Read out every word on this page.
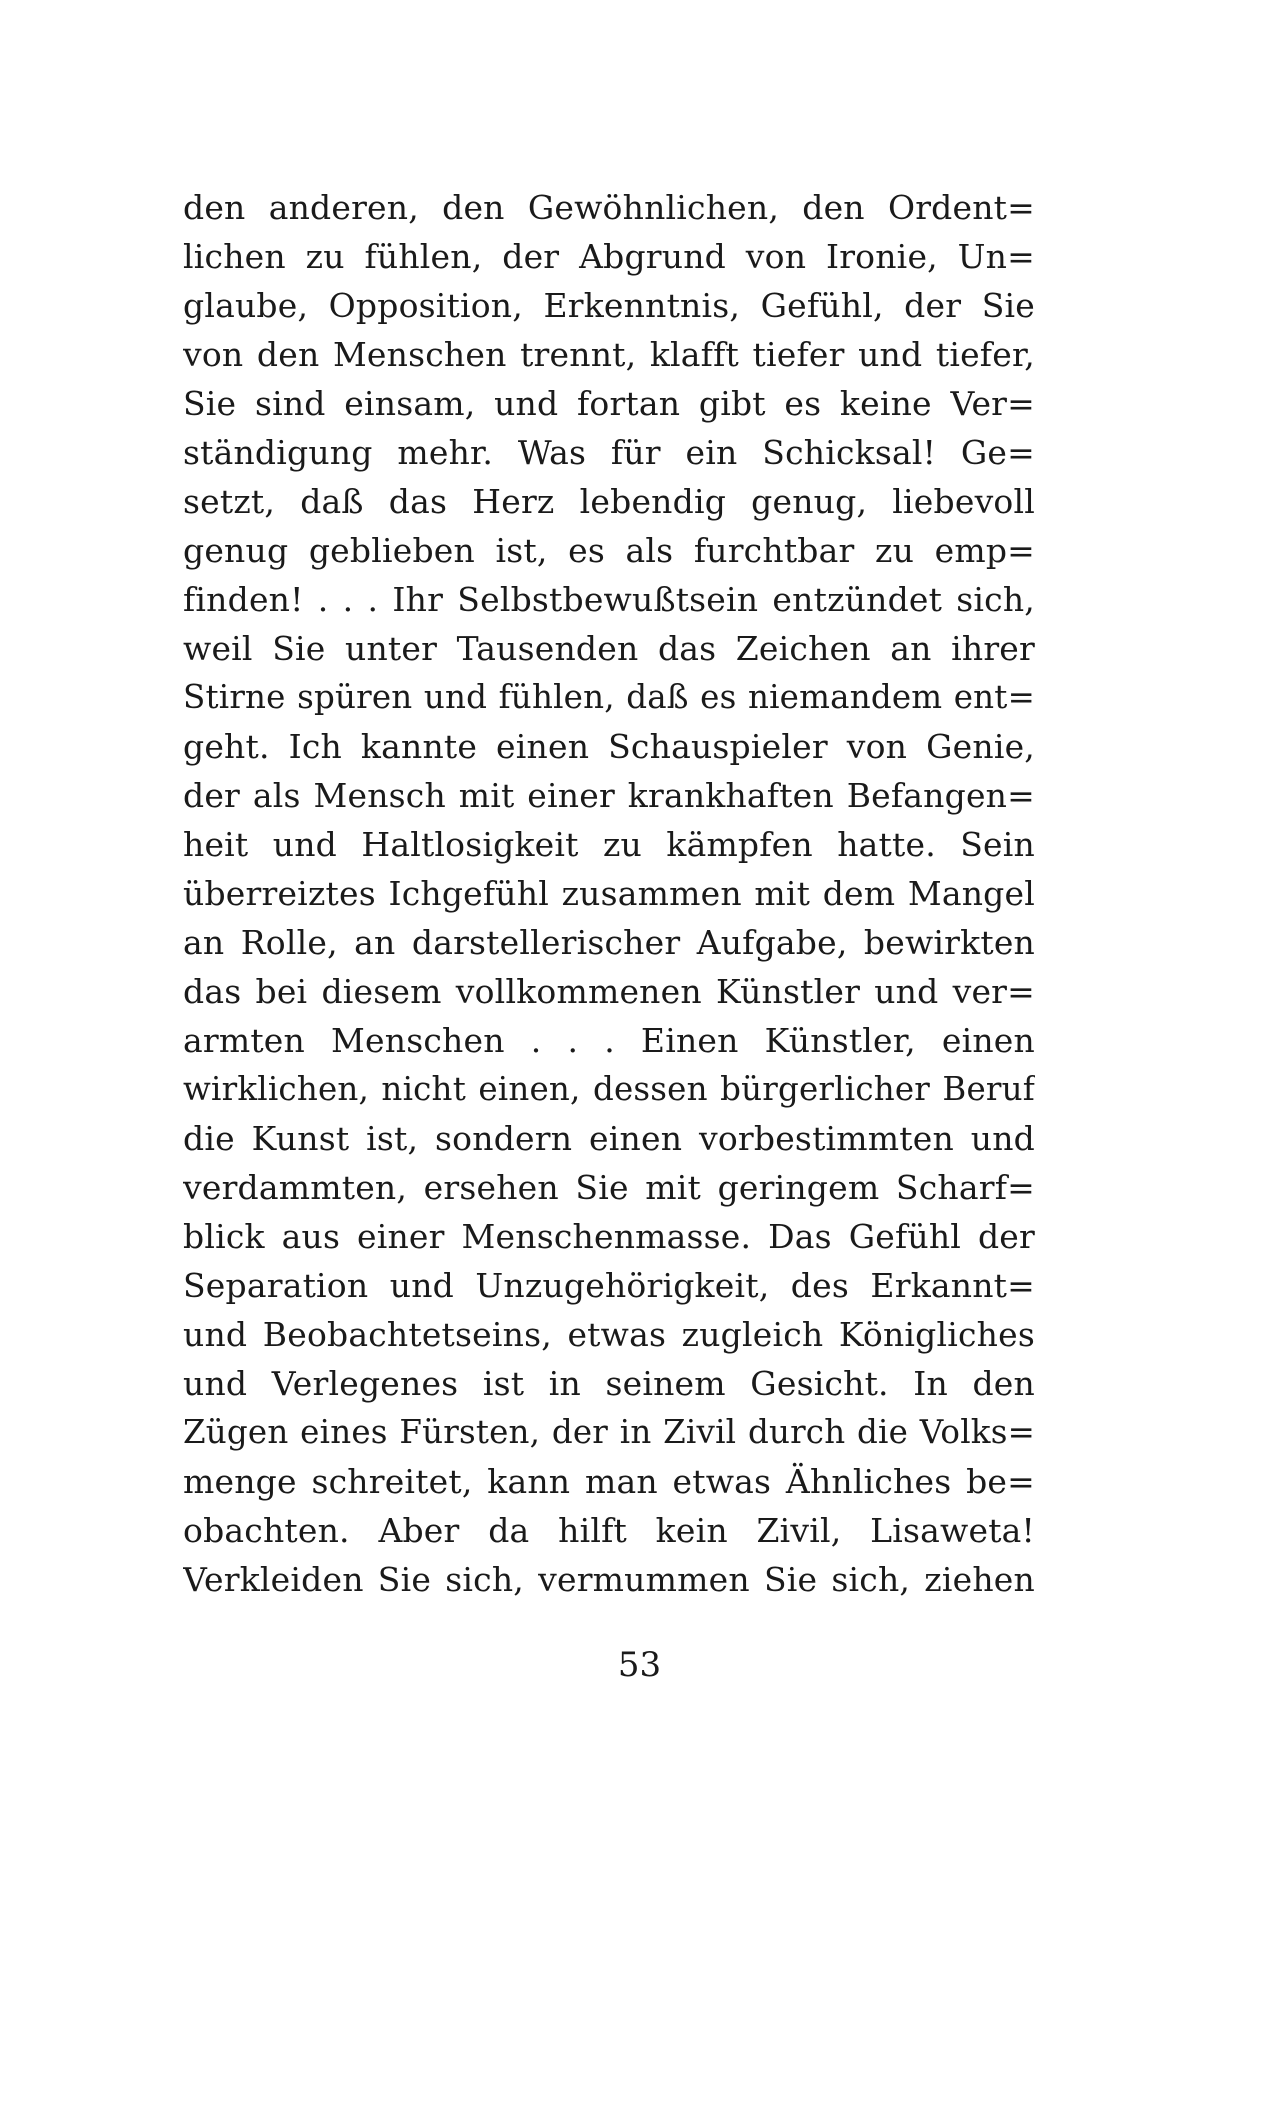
den anderen, den Gewöhnlichen, den Ordent=
lichen zu fühlen, der Abgrund von Ironie, Un=
glaube, Opposition, Erkenntnis, Gefühl, der Sie
von den Menschen trennt, klafft tiefer und tiefer,
Sie sind einsam, und fortan gibt es keine Ver=
ständigung mehr. Was für ein Schicksal! Ge=
setzt, daß das Herz lebendig genug, liebevoll
genug geblieben ist, es als furchtbar zu emp=
finden! . . . Ihr Selbstbewußtsein entzündet sich,
weil Sie unter Tausenden das Zeichen an ihrer
Stirne spüren und fühlen, daß es niemandem ent=
geht. Ich kannte einen Schauspieler von Genie,
der als Mensch mit einer krankhaften Befangen=
heit und Haltlosigkeit zu kämpfen hatte. Sein
überreiztes Ichgefühl zusammen mit dem Mangel
an Rolle, an darstellerischer Aufgabe, bewirkten
das bei diesem vollkommenen Künstler und ver=
armten Menschen . . . Einen Künstler, einen
wirklichen, nicht einen, dessen bürgerlicher Beruf
die Kunst ist, sondern einen vorbestimmten und
verdammten, ersehen Sie mit geringem Scharf=
blick aus einer Menschenmasse. Das Gefühl der
Separation und Unzugehörigkeit, des Erkannt=
und Beobachtetseins, etwas zugleich Königliches
und Verlegenes ist in seinem Gesicht. In den
Zügen eines Fürsten, der in Zivil durch die Volks=
menge schreitet, kann man etwas Ähnliches be=
obachten. Aber da hilft kein Zivil, Lisaweta!
Verkleiden Sie sich, vermummen Sie sich, ziehen
53
